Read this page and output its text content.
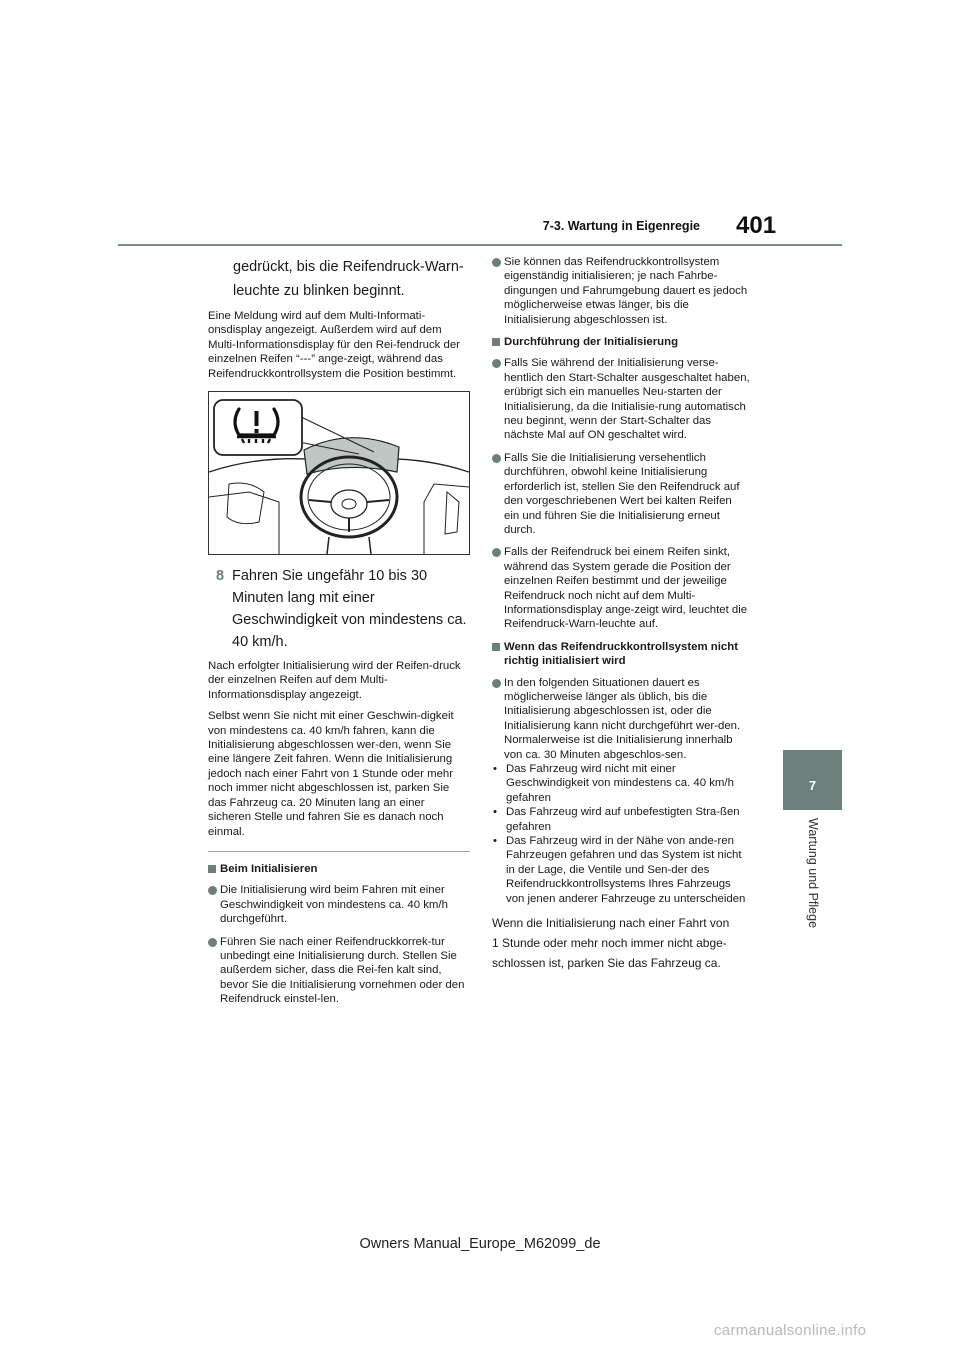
401
7-3. Wartung in Eigenregie
7
Wartung und Pflege

gedrückt, bis die Reifendruck-Warn-

leuchte zu blinken beginnt.

Eine Meldung wird auf dem Multi-Informati-onsdisplay angezeigt. Außerdem wird auf dem Multi-Informationsdisplay für den Rei-fendruck der einzelnen Reifen “---” ange-zeigt, während das Reifendruckkontrollsystem die Position bestimmt.

8 Fahren Sie ungefähr 10 bis 30 Minuten lang mit einer Geschwindigkeit von mindestens ca. 40 km/h.

Nach erfolgter Initialisierung wird der Reifen-druck der einzelnen Reifen auf dem Multi-Informationsdisplay angezeigt.

Selbst wenn Sie nicht mit einer Geschwin-digkeit von mindestens ca. 40 km/h fahren, kann die Initialisierung abgeschlossen wer-den, wenn Sie eine längere Zeit fahren. Wenn die Initialisierung jedoch nach einer Fahrt von 1 Stunde oder mehr noch immer nicht abgeschlossen ist, parken Sie das Fahrzeug ca. 20 Minuten lang an einer sicheren Stelle und fahren Sie es danach noch einmal.

Beim Initialisieren

Die Initialisierung wird beim Fahren mit einer Geschwindigkeit von mindestens ca. 40 km/h durchgeführt.

Führen Sie nach einer Reifendruckkorrek-tur unbedingt eine Initialisierung durch. Stellen Sie außerdem sicher, dass die Rei-fen kalt sind, bevor Sie die Initialisierung vornehmen oder den Reifendruck einstel-len.

Sie können das Reifendruckkontrollsystem eigenständig initialisieren; je nach Fahrbe-dingungen und Fahrumgebung dauert es jedoch möglicherweise etwas länger, bis die Initialisierung abgeschlossen ist.

Durchführung der Initialisierung

Falls Sie während der Initialisierung verse-hentlich den Start-Schalter ausgeschaltet haben, erübrigt sich ein manuelles Neu-starten der Initialisierung, da die Initialisie-rung automatisch neu beginnt, wenn der Start-Schalter das nächste Mal auf ON geschaltet wird.

Falls Sie die Initialisierung versehentlich durchführen, obwohl keine Initialisierung erforderlich ist, stellen Sie den Reifendruck auf den vorgeschriebenen Wert bei kalten Reifen ein und führen Sie die Initialisierung erneut durch.

Falls der Reifendruck bei einem Reifen sinkt, während das System gerade die Position der einzelnen Reifen bestimmt und der jeweilige Reifendruck noch nicht auf dem Multi-Informationsdisplay ange-zeigt wird, leuchtet die Reifendruck-Warn-leuchte auf.

Wenn das Reifendruckkontrollsystem nicht richtig initialisiert wird

In den folgenden Situationen dauert es möglicherweise länger als üblich, bis die Initialisierung abgeschlossen ist, oder die Initialisierung kann nicht durchgeführt wer-den. Normalerweise ist die Initialisierung innerhalb von ca. 30 Minuten abgeschlos-sen.

• Das Fahrzeug wird nicht mit einer Geschwindigkeit von mindestens ca. 40 km/h gefahren

• Das Fahrzeug wird auf unbefestigten Stra-ßen gefahren

• Das Fahrzeug wird in der Nähe von ande-ren Fahrzeugen gefahren und das System ist nicht in der Lage, die Ventile und Sen-der des Reifendruckkontrollsystems Ihres Fahrzeugs von jenen anderer Fahrzeuge zu unterscheiden

Wenn die Initialisierung nach einer Fahrt von

1 Stunde oder mehr noch immer nicht abge-

schlossen ist, parken Sie das Fahrzeug ca.

Owners Manual_Europe_M62099_de
carmanualsonline.info
